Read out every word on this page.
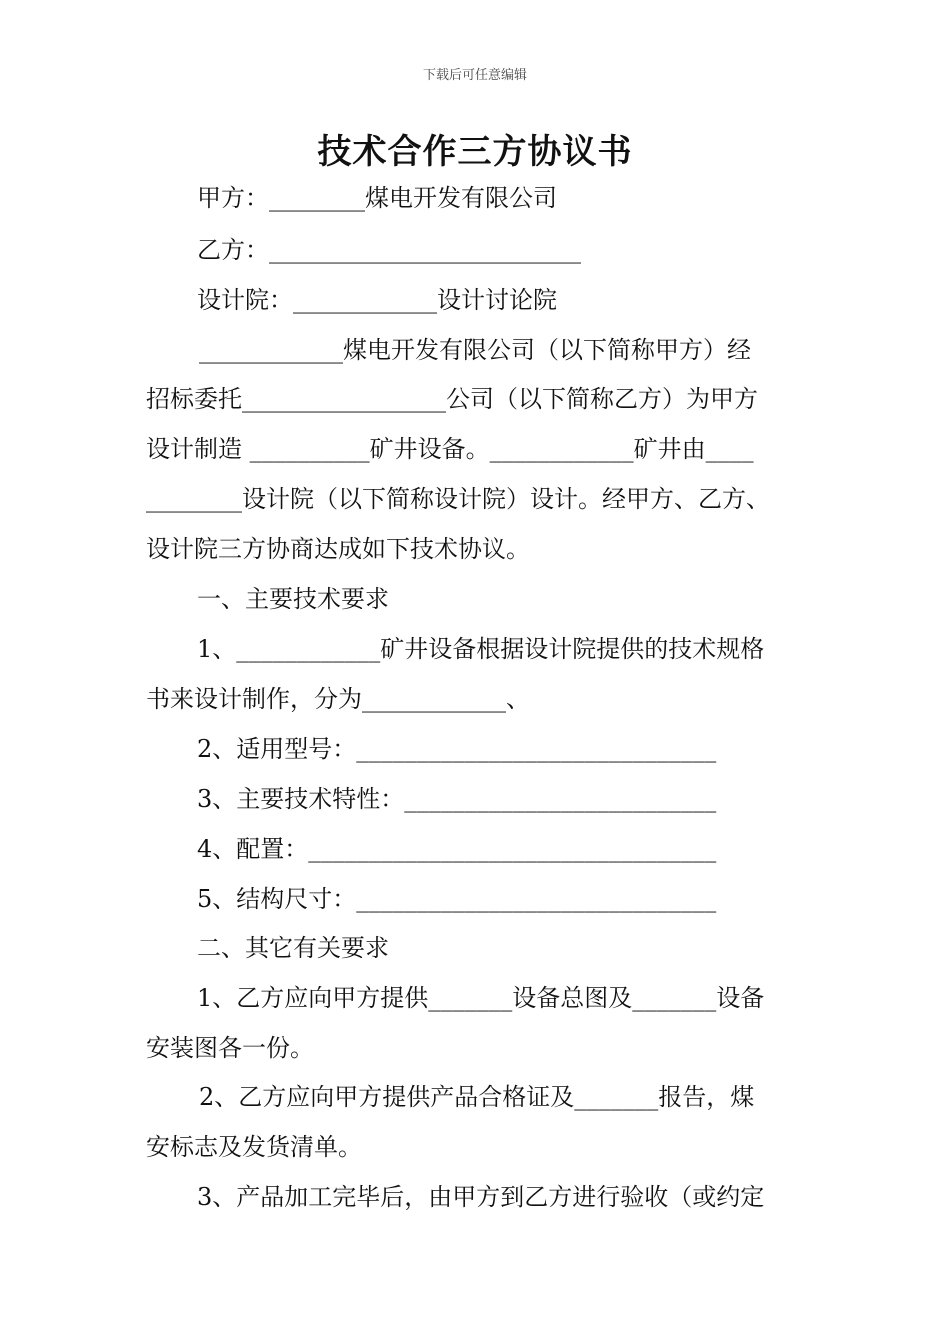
下载后可任意编辑
技术合作三方协议书
甲方：________煤电开发有限公司
乙方：__________________________
设计院：____________设计讨论院
____________煤电开发有限公司（以下简称甲方）经
招标委托_________________公司（以下简称乙方）为甲方
设计制造 __________矿井设备。____________矿井由____
________设计院（以下简称设计院）设计。经甲方、乙方、
设计院三方协商达成如下技术协议。
一、主要技术要求
1、____________矿井设备根据设计院提供的技术规格
书来设计制作，分为____________、
2、适用型号：______________________________
3、主要技术特性：__________________________
4、配置：__________________________________
5、结构尺寸：______________________________
二、其它有关要求
1、乙方应向甲方提供_______设备总图及_______设备
安装图各一份。
2、乙方应向甲方提供产品合格证及_______报告，煤
安标志及发货清单。
3、产品加工完毕后，由甲方到乙方进行验收（或约定
